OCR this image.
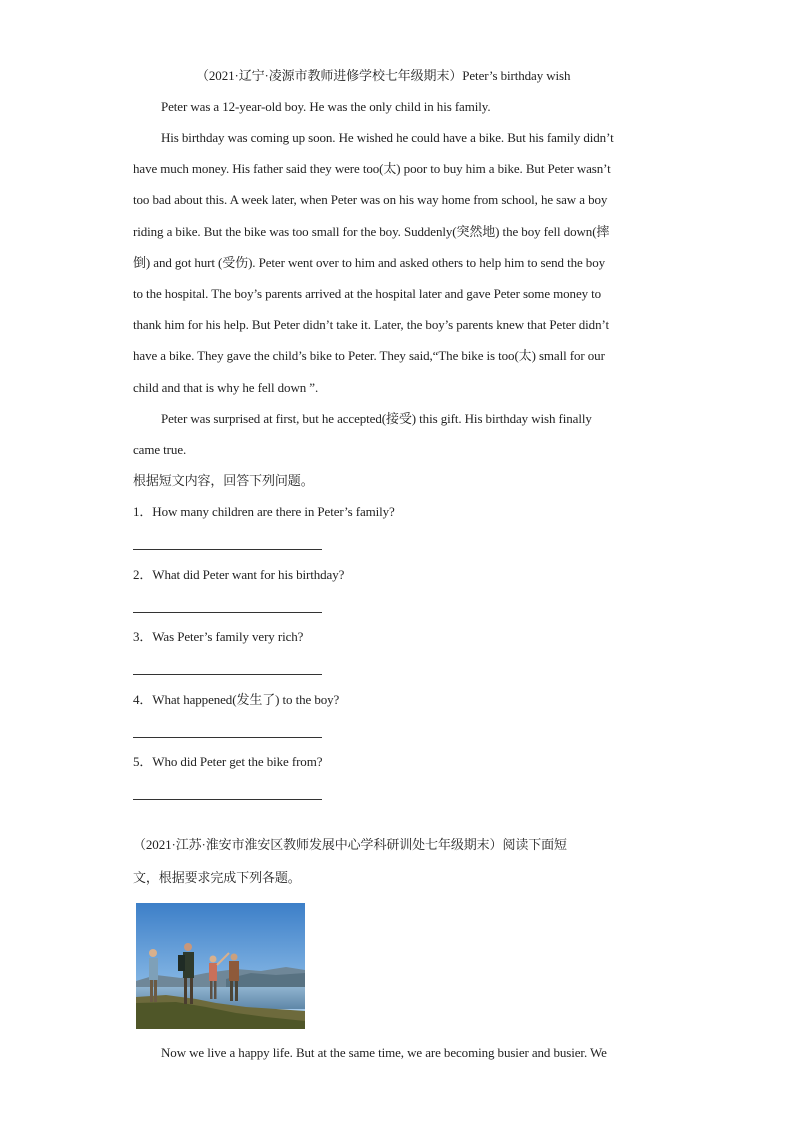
（2021·辽宁·凌源市教师进修学校七年级期末）Peter’s birthday wish
Peter was a 12-year-old boy. He was the only child in his family.
His birthday was coming up soon. He wished he could have a bike. But his family didn’t
have much money. His father said they were too(太) poor to buy him a bike. But Peter wasn’t
too bad about this. A week later, when Peter was on his way home from school, he saw a boy
riding a bike. But the bike was too small for the boy. Suddenly(突然地) the boy fell down(摔
倒) and got hurt (受伤). Peter went over to him and asked others to help him to send the boy
to the hospital. The boy’s parents arrived at the hospital later and gave Peter some money to
thank him for his help. But Peter didn’t take it. Later, the boy’s parents knew that Peter didn’t
have a bike. They gave the child’s bike to Peter. They said,“The bike is too(太) small for our
child and that is why he fell down ”.
Peter was surprised at first, but he accepted(接受) this gift. His birthday wish finally
came true.
根据短文内容，回答下列问题。
1．How many children are there in Peter’s family?
2．What did Peter want for his birthday?
3．Was Peter’s family very rich?
4．What happened(发生了) to the boy?
5．Who did Peter get the bike from?
（2021·江苏·淮安市淮安区教师发展中心学科研训处七年级期末）阅读下面短
文，根据要求完成下列各题。
Now we live a happy life. But at the same time, we are becoming busier and busier. We
